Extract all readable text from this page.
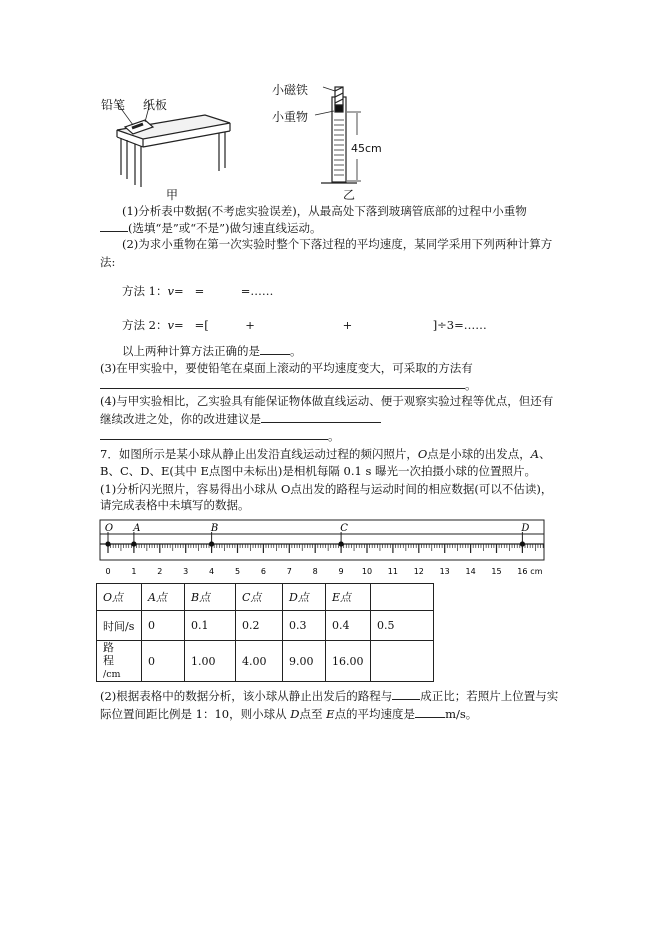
铅笔 纸板
小磁铁
小重物
45cm
甲	乙
(1)分析表中数据(不考虑实验误差)，从最高处下落到玻璃管底部的过程中小重物
(选填“是”或“不是”)做匀速直线运动。
(2)为求小重物在第一次实验时整个下落过程的平均速度，某同学采用下列两种计算方
法:
方法 1：v=   =          =……
方法 2：v=   =[          +                        +                      ]÷3=……
以上两种计算方法正确的是	。
(3)在甲实验中，要使铅笔在桌面上滚动的平均速度变大，可采取的方法有
。
(4)与甲实验相比，乙实验具有能保证物体做直线运动、便于观察实验过程等优点，但还有
继续改进之处，你的改进建议是
。
7．如图所示是某小球从静止出发沿直线运动过程的频闪照片，O点是小球的出发点，A、
B、C、D、E(其中 E点图中未标出)是相机每隔 0.1 s 曝光一次拍摄小球的位置照片。
(1)分析闪光照片，容易得出小球从 O点出发的路程与运动时间的相应数据(可以不估读)，
请完成表格中未填写的数据。
0	1	2	3	4	5	6	7	8	9 10 11 12 13 14 15 16 cm
O A	B	C	D
O点	A点	B点	C点	D点	E点	
时间/s	0	0.1	0.2	0.3	0.4	0.5
路　程
/cm	0	1.00	4.00	9.00	16.00	
(2)根据表格中的数据分析，该小球从静止出发后的路程与 成正比；若照片上位置与实
际位置间距比例是 1：10，则小球从 D点至 E点的平均速度是	m/s。
